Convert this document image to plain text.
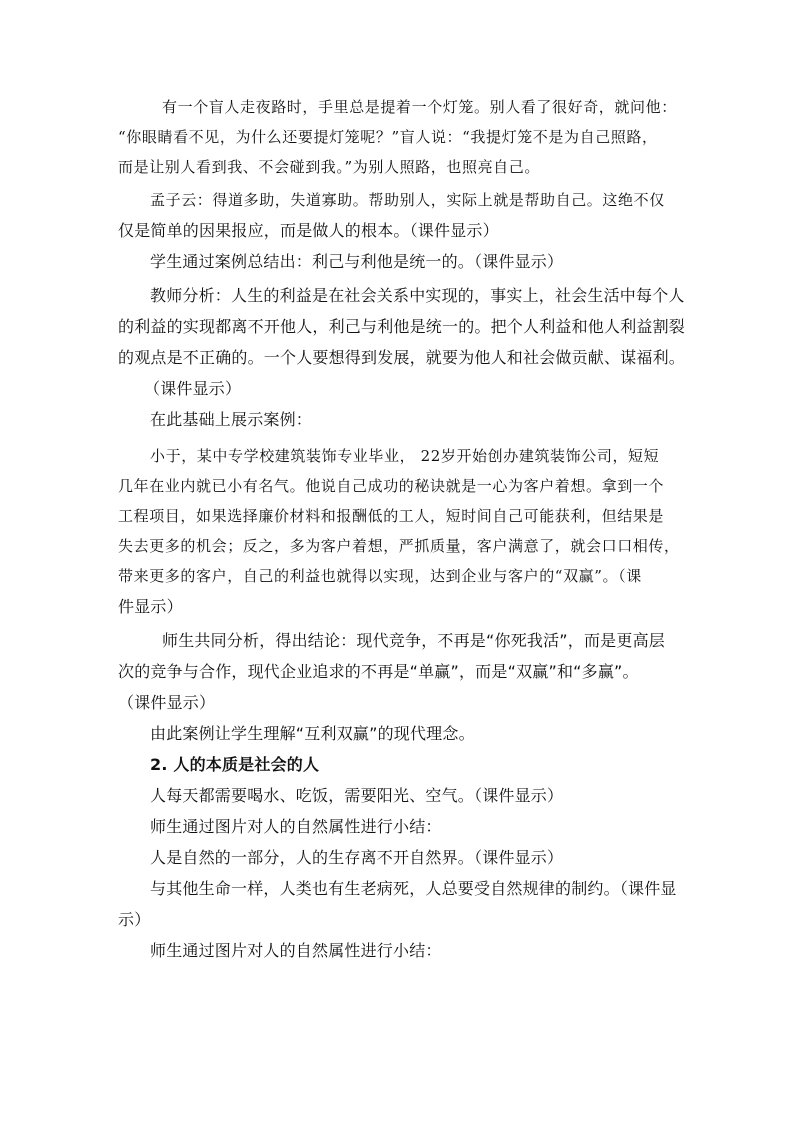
有一个盲人走夜路时，手里总是提着一个灯笼。别人看了很好奇，就问他：

“你眼睛看不见，为什么还要提灯笼呢？”盲人说：“我提灯笼不是为自己照路，

而是让别人看到我、不会碰到我。”为别人照路，也照亮自己。

孟子云：得道多助，失道寡助。帮助别人，实际上就是帮助自己。这绝不仅

仅是简单的因果报应，而是做人的根本。（课件显示）

学生通过案例总结出：利己与利他是统一的。（课件显示）

教师分析：人生的利益是在社会关系中实现的，事实上，社会生活中每个人

的利益的实现都离不开他人，利己与利他是统一的。把个人利益和他人利益割裂

的观点是不正确的。一个人要想得到发展，就要为他人和社会做贡献、谋福利。

（课件显示）

在此基础上展示案例：

小于，某中专学校建筑装饰专业毕业， 22岁开始创办建筑装饰公司，短短

几年在业内就已小有名气。他说自己成功的秘诀就是一心为客户着想。拿到一个

工程项目，如果选择廉价材料和报酬低的工人，短时间自己可能获利，但结果是

失去更多的机会；反之，多为客户着想，严抓质量，客户满意了，就会口口相传，

带来更多的客户，自己的利益也就得以实现，达到企业与客户的“双赢”。（课

件显示）

师生共同分析，得出结论：现代竞争，不再是“你死我活”，而是更高层

次的竞争与合作，现代企业追求的不再是“单赢”，而是“双赢”和“多赢”。

（课件显示）

由此案例让学生理解“互利双赢”的现代理念。

2. 人的本质是社会的人

人每天都需要喝水、吃饭，需要阳光、空气。（课件显示）

师生通过图片对人的自然属性进行小结：

人是自然的一部分，人的生存离不开自然界。（课件显示）

与其他生命一样，人类也有生老病死，人总要受自然规律的制约。（课件显

示）

师生通过图片对人的自然属性进行小结：
